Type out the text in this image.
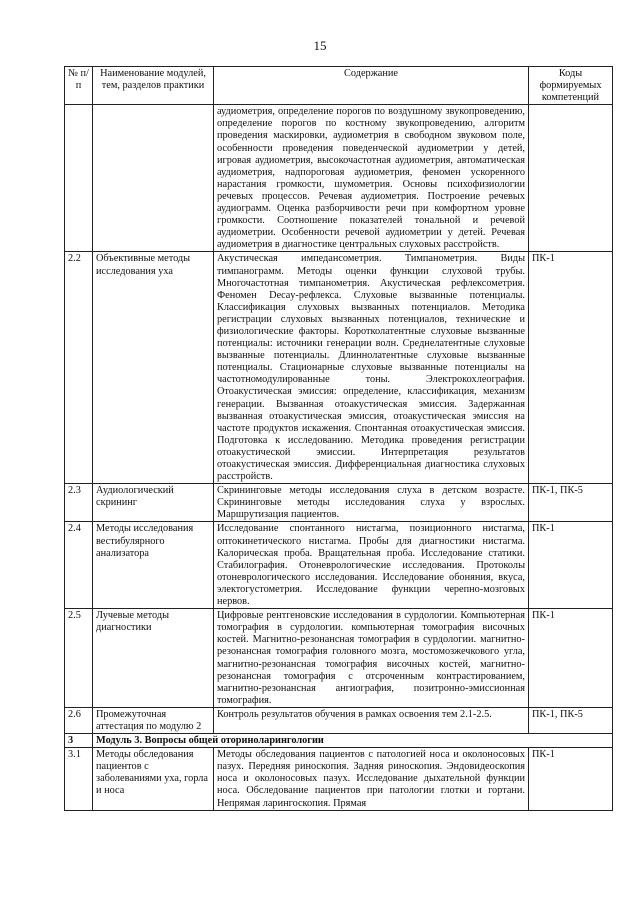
15
№ п/п	Наименование модулей, тем, разделов практики	Содержание	Коды формируемых компетенций
		аудиометрия, определение порогов по воздушному звукопроведению, определение порогов по костному звукопроведению, алгоритм проведения маскировки, аудиометрия в свободном звуковом поле, особенности проведения поведенческой аудиометрии у детей, игровая аудиометрия, высокочастотная аудиометрия, автоматическая аудиометрия, надпороговая аудиометрия, феномен ускоренного нарастания громкости, шумометрия. Основы психофизиологии речевых процессов. Речевая аудиометрия. Построение речевых аудиограмм. Оценка разборчивости речи при комфортном уровне громкости. Соотношение показателей тональной и речевой аудиометрии. Особенности речевой аудиометрии у детей. Речевая аудиометрия в диагностике центральных слуховых расстройств.	
2.2	Объективные методы исследования уха	Акустическая импедансометрия. Тимпанометрия. Виды тимпанограмм. Методы оценки функции слуховой трубы. Многочастотная тимпанометрия. Акустическая рефлексометрия. Феномен Decay-рефлекса. Слуховые вызванные потенциалы. Классификация слуховых вызванных потенциалов. Методика регистрации слуховых вызванных потенциалов, технические и физиологические факторы. Коротколатентные слуховые вызванные потенциалы: источники генерации волн. Среднелатентные слуховые вызванные потенциалы. Длиннолатентные слуховые вызванные потенциалы. Стационарные слуховые вызванные потенциалы на частотномодулированные тоны. Электрокохлеография. Отоакустическая эмиссия: определение, классификация, механизм генерации. Вызванная отоакустическая эмиссия. Задержанная вызванная отоакустическая эмиссия, отоакустическая эмиссия на частоте продуктов искажения. Спонтанная отоакустическая эмиссия. Подготовка к исследованию. Методика проведения регистрации отоакустической эмиссии. Интерпретация результатов отоакустическая эмиссия. Дифференциальная диагностика слуховых расстройств.	ПК-1
2.3	Аудиологический скрининг	Скрининговые методы исследования слуха в детском возрасте. Скрининговые методы исследования слуха у взрослых. Маршрутизация пациентов.	ПК-1, ПК-5
2.4	Методы исследования вестибулярного анализатора	Исследование спонтанного нистагма, позиционного нистагма, оптокинетического нистагма. Пробы для диагностики нистагма. Калорическая проба. Вращательная проба. Исследование статики. Стабилография. Отоневрологические исследования. Протоколы отоневрологического исследования. Исследование обоняния, вкуса, электогустометрия. Исследование функции черепно-мозговых нервов.	ПК-1
2.5	Лучевые методы диагностики	Цифровые рентгеновские исследования в сурдологии. Компьютерная томография в сурдологии. компьютерная томография височных костей. Магнитно-резонансная томография в сурдологии. магнитно-резонансная томография головного мозга, мостомозжечкового угла, магнитно-резонансная томография височных костей, магнитно-резонансная томография с отсроченным контрастированием, магнитно-резонансная ангиография, позитронно-эмиссионная томография.	ПК-1
2.6	Промежуточная аттестация по модулю 2	Контроль результатов обучения в рамках освоения тем 2.1-2.5.	ПК-1, ПК-5
3	Модуль 3. Вопросы общей оториноларингологии		
3.1	Методы обследования пациентов с заболеваниями уха, горла и носа	Методы обследования пациентов с патологией носа и околоносовых пазух. Передняя риноскопия. Задняя риноскопия. Эндовидеоскопия носа и околоносовых пазух. Исследование дыхательной функции носа. Обследование пациентов при патологии глотки и гортани. Непрямая ларингоскопия. Прямая	ПК-1
